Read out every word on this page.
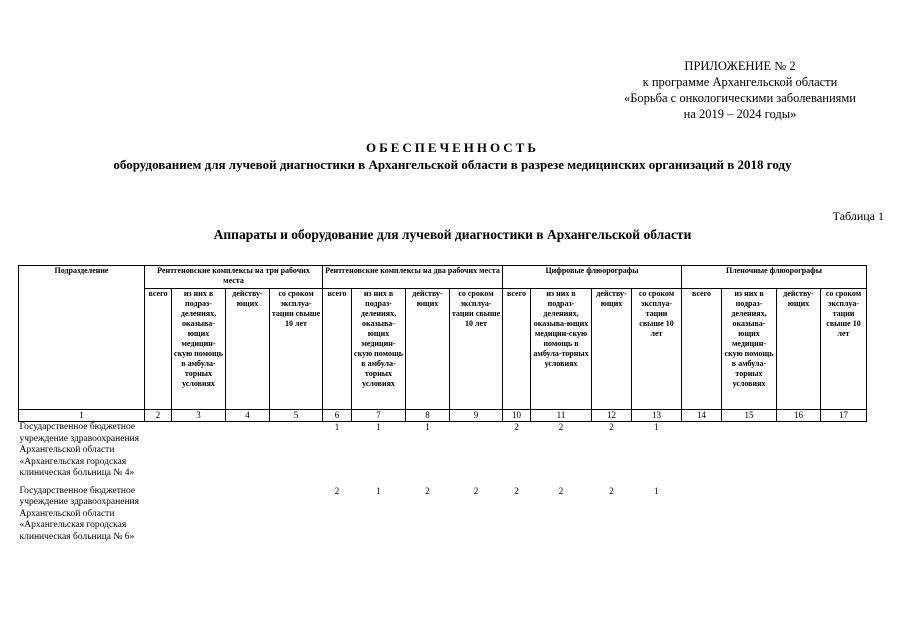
ПРИЛОЖЕНИЕ № 2
к программе Архангельской области
«Борьба с онкологическими заболеваниями
на 2019 – 2024 годы»
ОБЕСПЕЧЕННОСТЬ
оборудованием для лучевой диагностики в Архангельской области в разрезе медицинских организаций в 2018 году
Таблица 1
Аппараты и оборудование для лучевой диагностики в Архангельской области
Подразделение	Рентгеновские комплексы на три рабочих места				Рентгеновские комплексы на два рабочих места				Цифровые флюорографы				Пленочные флюорографы			
	всего	из них в подраз-делениях, оказыва-ющих медицин-скую помощь в амбула-торных условиях	действу-ющих	со сроком эксплуа-тации свыше 10 лет	всего	из них в подраз-делениях, оказыва-ющих медицин-скую помощь в амбула-торных условиях	действу-ющих	со сроком эксплуа-тации свыше 10 лет	всего	из них в подраз-делениях, оказыва-ющих медицин-скую помощь в амбула-торных условиях	действу-ющих	со сроком эксплуа-тации свыше 10 лет	всего	из них в подраз-делениях, оказыва-ющих медицин-скую помощь в амбула-торных условиях	действу-ющих	со сроком эксплуа-тации свыше 10 лет
1	2	3	4	5	6	7	8	9	10	11	12	13	14	15	16	17
Государственное бюджетное учреждение здравоохранения Архангельской области «Архангельская городская клиническая больница № 4»					1	1	1		2	2	2	1				

Государственное бюджетное учреждение здравоохранения Архангельской области «Архангельская городская клиническая больница № 6»					2	1	2	2	2	2	2	1				
